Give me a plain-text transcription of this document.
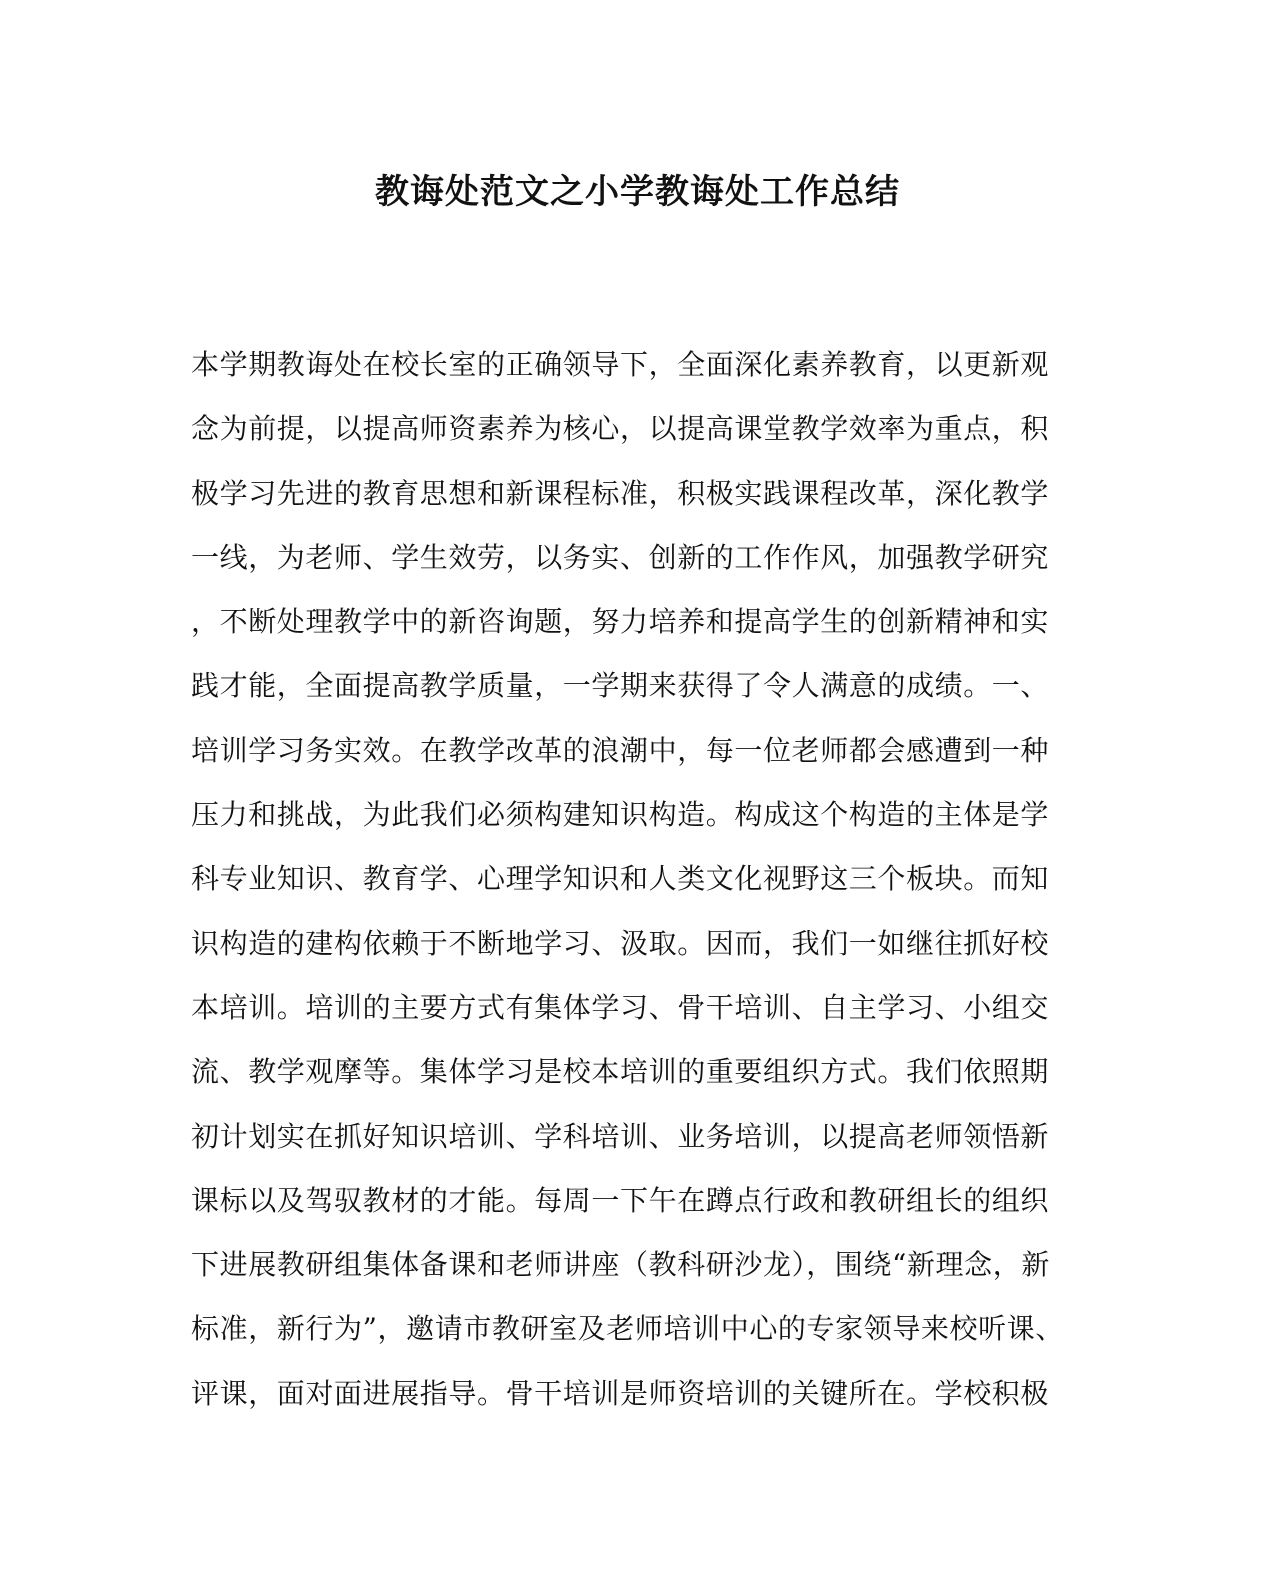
教诲处范文之小学教诲处工作总结
本学期教诲处在校长室的正确领导下，全面深化素养教育，以更新观
念为前提，以提高师资素养为核心，以提高课堂教学效率为重点，积
极学习先进的教育思想和新课程标准，积极实践课程改革，深化教学
一线，为老师、学生效劳，以务实、创新的工作作风，加强教学研究
，不断处理教学中的新咨询题，努力培养和提高学生的创新精神和实
践才能，全面提高教学质量，一学期来获得了令人满意的成绩。一、
培训学习务实效。在教学改革的浪潮中，每一位老师都会感遭到一种
压力和挑战，为此我们必须构建知识构造。构成这个构造的主体是学
科专业知识、教育学、心理学知识和人类文化视野这三个板块。而知
识构造的建构依赖于不断地学习、汲取。因而，我们一如继往抓好校
本培训。培训的主要方式有集体学习、骨干培训、自主学习、小组交
流、教学观摩等。集体学习是校本培训的重要组织方式。我们依照期
初计划实在抓好知识培训、学科培训、业务培训，以提高老师领悟新
课标以及驾驭教材的才能。每周一下午在蹲点行政和教研组长的组织
下进展教研组集体备课和老师讲座（教科研沙龙），围绕“新理念，新
标准，新行为”，邀请市教研室及老师培训中心的专家领导来校听课、
评课，面对面进展指导。骨干培训是师资培训的关键所在。学校积极
